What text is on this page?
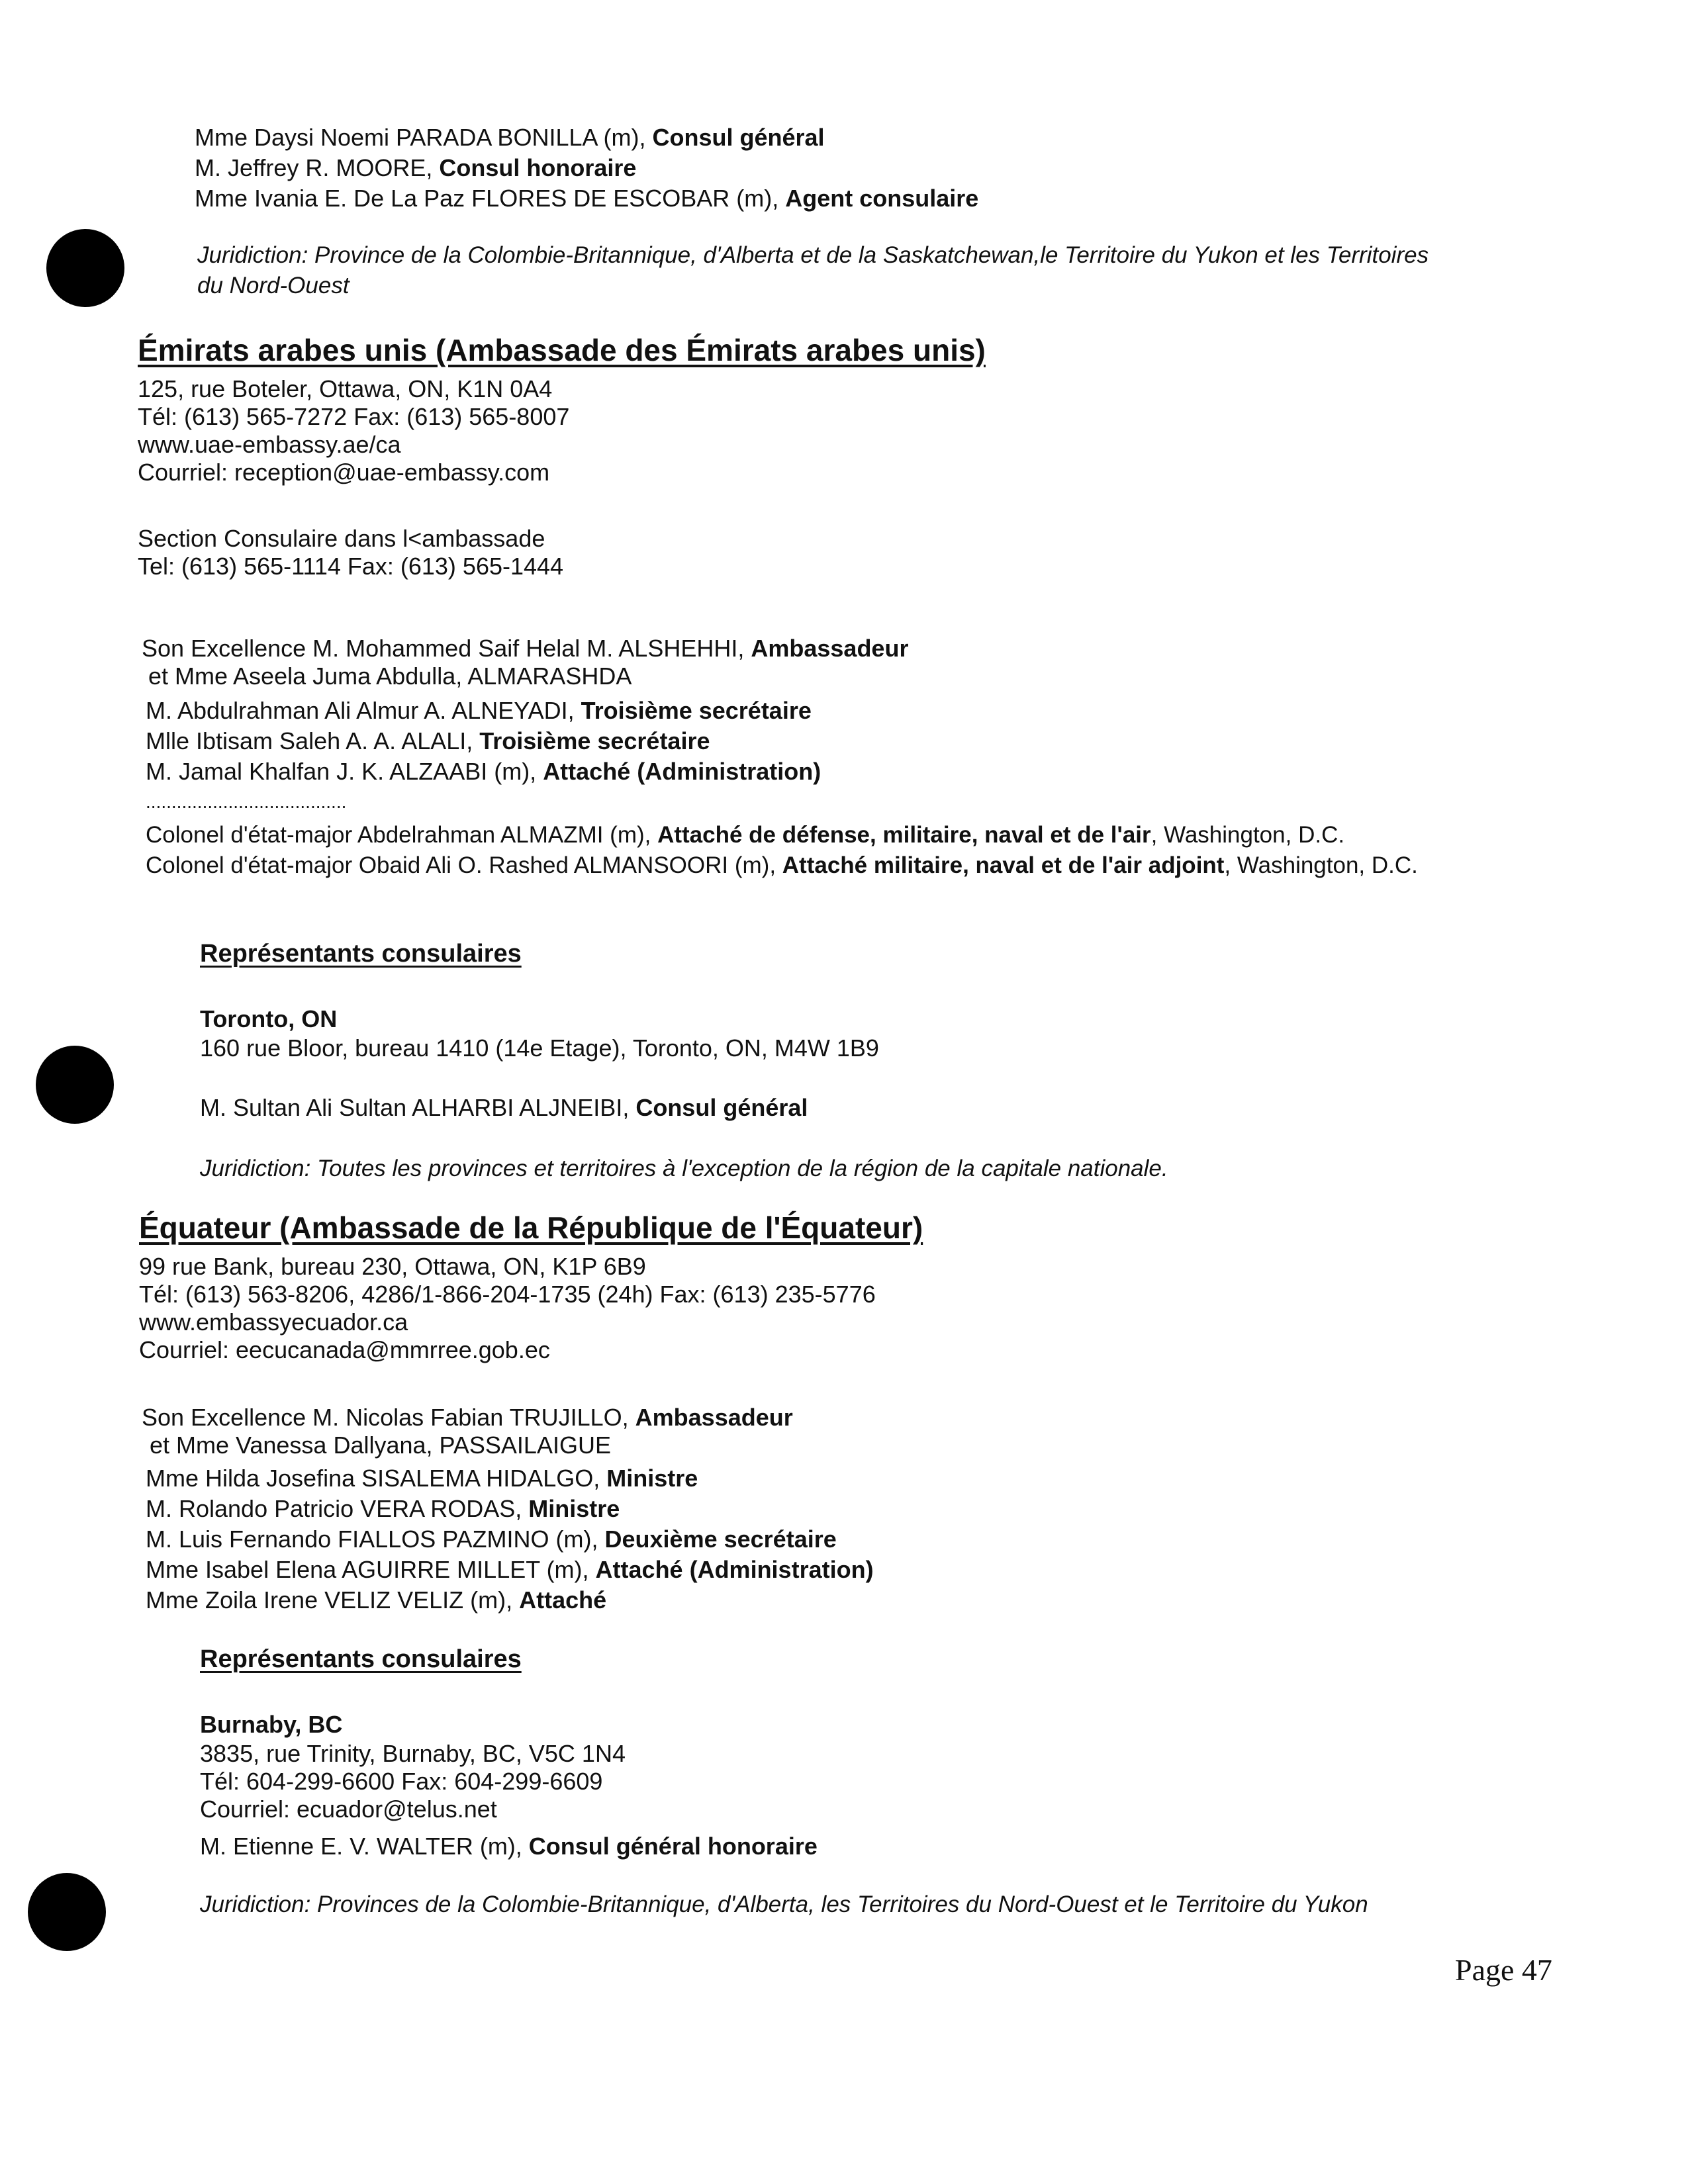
Mme Daysi Noemi PARADA BONILLA (m), Consul général
M. Jeffrey R. MOORE, Consul honoraire
Mme Ivania E. De La Paz FLORES DE ESCOBAR (m), Agent consulaire
Juridiction: Province de la Colombie-Britannique, d'Alberta et de la Saskatchewan,le Territoire du Yukon et les Territoires
du Nord-Ouest
Émirats arabes unis (Ambassade des Émirats arabes unis)
125, rue Boteler, Ottawa, ON, K1N 0A4
Tél: (613) 565-7272 Fax: (613) 565-8007
www.uae-embassy.ae/ca
Courriel: reception@uae-embassy.com
Section Consulaire dans l<ambassade
Tel: (613) 565-1114 Fax: (613) 565-1444
Son Excellence M. Mohammed Saif Helal M. ALSHEHHI, Ambassadeur
et Mme Aseela Juma Abdulla, ALMARASHDA
M. Abdulrahman Ali Almur A. ALNEYADI, Troisième secrétaire
Mlle Ibtisam Saleh A. A. ALALI, Troisième secrétaire
M. Jamal Khalfan J. K. ALZAABI (m), Attaché (Administration)
.......................................
Colonel d'état-major Abdelrahman ALMAZMI (m), Attaché de défense, militaire, naval et de l'air, Washington, D.C.
Colonel d'état-major Obaid Ali O. Rashed ALMANSOORI (m), Attaché militaire, naval et de l'air adjoint, Washington, D.C.
Représentants consulaires
Toronto, ON
160 rue Bloor, bureau 1410 (14e Etage), Toronto, ON, M4W 1B9
M. Sultan Ali Sultan ALHARBI ALJNEIBI, Consul général
Juridiction: Toutes les provinces et territoires à l'exception de la région de la capitale nationale.
Équateur (Ambassade de la République de l'Équateur)
99 rue Bank, bureau 230, Ottawa, ON, K1P 6B9
Tél: (613) 563-8206, 4286/1-866-204-1735 (24h) Fax: (613) 235-5776
www.embassyecuador.ca
Courriel: eecucanada@mmrree.gob.ec
Son Excellence M. Nicolas Fabian TRUJILLO, Ambassadeur
et Mme Vanessa Dallyana, PASSAILAIGUE
Mme Hilda Josefina SISALEMA HIDALGO, Ministre
M. Rolando Patricio VERA RODAS, Ministre
M. Luis Fernando FIALLOS PAZMINO (m), Deuxième secrétaire
Mme Isabel Elena AGUIRRE MILLET (m), Attaché (Administration)
Mme Zoila Irene VELIZ VELIZ (m), Attaché
Représentants consulaires
Burnaby, BC
3835, rue Trinity, Burnaby, BC, V5C 1N4
Tél: 604-299-6600 Fax: 604-299-6609
Courriel: ecuador@telus.net
M. Etienne E. V. WALTER (m), Consul général honoraire
Juridiction: Provinces de la Colombie-Britannique, d'Alberta, les Territoires du Nord-Ouest et le Territoire du Yukon
Page 47
